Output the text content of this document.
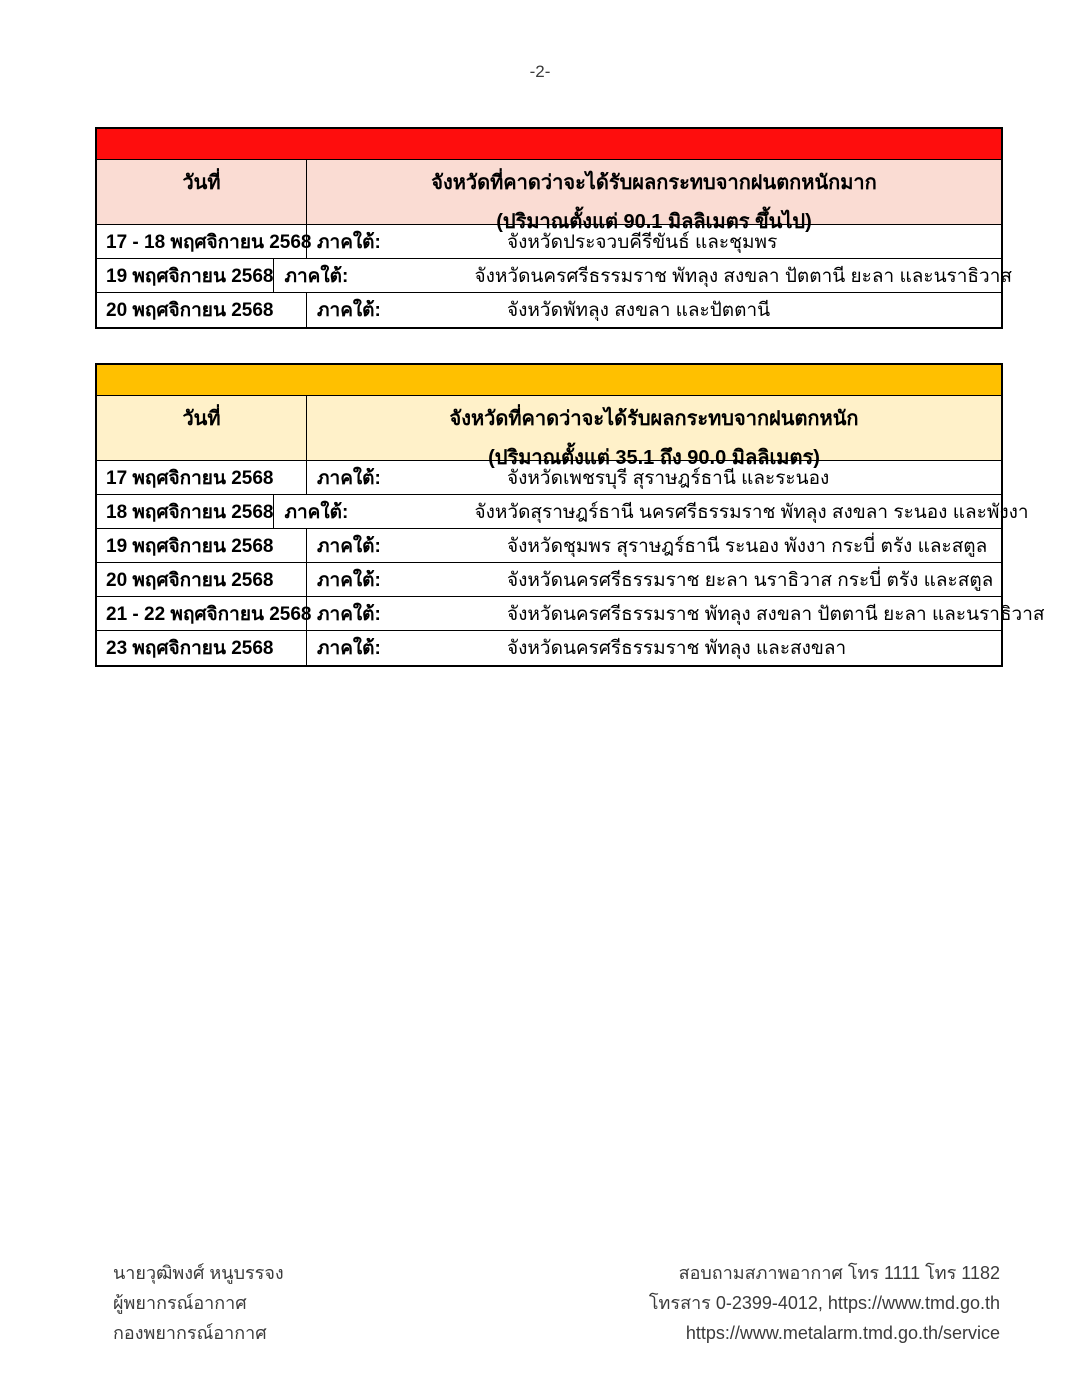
-2-
วันที่	จังหวัดที่คาดว่าจะได้รับผลกระทบจากฝนตกหนักมาก
(ปริมาณตั้งแต่ 90.1 มิลลิเมตร ขึ้นไป)
17 - 18 พฤศจิกายน 2568 ภาคใต้:	จังหวัดประจวบคีรีขันธ์ และชุมพร
19 พฤศจิกายน 2568 ภาคใต้:	จังหวัดนครศรีธรรมราช พัทลุง สงขลา ปัตตานี ยะลา และนราธิวาส
20 พฤศจิกายน 2568	ภาคใต้:	จังหวัดพัทลุง สงขลา และปัตตานี
วันที่	จังหวัดที่คาดว่าจะได้รับผลกระทบจากฝนตกหนัก
(ปริมาณตั้งแต่ 35.1 ถึง 90.0 มิลลิเมตร)
17 พฤศจิกายน 2568	ภาคใต้:	จังหวัดเพชรบุรี สุราษฎร์ธานี และระนอง
18 พฤศจิกายน 2568 ภาคใต้:	จังหวัดสุราษฎร์ธานี นครศรีธรรมราช พัทลุง สงขลา ระนอง และพังงา
19 พฤศจิกายน 2568	ภาคใต้:	จังหวัดชุมพร สุราษฎร์ธานี ระนอง พังงา กระบี่ ตรัง และสตูล
20 พฤศจิกายน 2568	ภาคใต้:	จังหวัดนครศรีธรรมราช ยะลา นราธิวาส กระบี่ ตรัง และสตูล
21 - 22 พฤศจิกายน 2568 ภาคใต้:	จังหวัดนครศรีธรรมราช พัทลุง สงขลา ปัตตานี ยะลา และนราธิวาส
23 พฤศจิกายน 2568	ภาคใต้:	จังหวัดนครศรีธรรมราช พัทลุง และสงขลา
นายวุฒิพงศ์ หนูบรรจง
ผู้พยากรณ์อากาศ
กองพยากรณ์อากาศ
สอบถามสภาพอากาศ โทร 1111 โทร 1182
โทรสาร 0-2399-4012, https://www.tmd.go.th
https://www.metalarm.tmd.go.th/service
